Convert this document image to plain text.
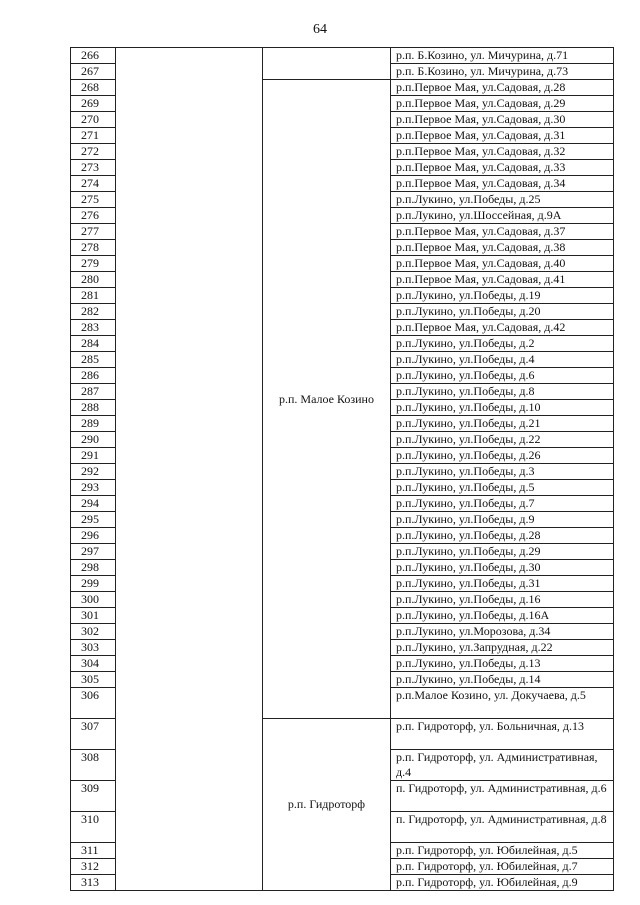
64
266			р.п. Б.Козино, ул. Мичурина, д.71
267			р.п. Б.Козино, ул. Мичурина, д.73
268		р.п. Малое Козино	р.п.Первое Мая, ул.Садовая, д.28
269			р.п.Первое Мая, ул.Садовая, д.29
270			р.п.Первое Мая, ул.Садовая, д.30
271			р.п.Первое Мая, ул.Садовая, д.31
272			р.п.Первое Мая, ул.Садовая, д.32
273			р.п.Первое Мая, ул.Садовая, д.33
274			р.п.Первое Мая, ул.Садовая, д.34
275			р.п.Лукино, ул.Победы, д.25
276			р.п.Лукино, ул.Шоссейная, д.9А
277			р.п.Первое Мая, ул.Садовая, д.37
278			р.п.Первое Мая, ул.Садовая, д.38
279			р.п.Первое Мая, ул.Садовая, д.40
280			р.п.Первое Мая, ул.Садовая, д.41
281			р.п.Лукино, ул.Победы, д.19
282			р.п.Лукино, ул.Победы, д.20
283			р.п.Первое Мая, ул.Садовая, д.42
284			р.п.Лукино, ул.Победы, д.2
285			р.п.Лукино, ул.Победы, д.4
286			р.п.Лукино, ул.Победы, д.6
287			р.п.Лукино, ул.Победы, д.8
288			р.п.Лукино, ул.Победы, д.10
289			р.п.Лукино, ул.Победы, д.21
290			р.п.Лукино, ул.Победы, д.22
291			р.п.Лукино, ул.Победы, д.26
292			р.п.Лукино, ул.Победы, д.3
293			р.п.Лукино, ул.Победы, д.5
294			р.п.Лукино, ул.Победы, д.7
295			р.п.Лукино, ул.Победы, д.9
296			р.п.Лукино, ул.Победы, д.28
297			р.п.Лукино, ул.Победы, д.29
298			р.п.Лукино, ул.Победы, д.30
299			р.п.Лукино, ул.Победы, д.31
300			р.п.Лукино, ул.Победы, д.16
301			р.п.Лукино, ул.Победы, д.16А
302			р.п.Лукино, ул.Морозова, д.34
303			р.п.Лукино, ул.Запрудная, д.22
304			р.п.Лукино, ул.Победы, д.13
305			р.п.Лукино, ул.Победы, д.14
306			р.п.Малое Козино, ул. Докучаева, д.5
307		р.п. Гидроторф	р.п. Гидроторф, ул. Больничная, д.13
308			р.п. Гидроторф, ул. Административная, д.4
309			п. Гидроторф, ул. Административная, д.6
310			п. Гидроторф, ул. Административная, д.8
311			р.п. Гидроторф, ул. Юбилейная, д.5
312			р.п. Гидроторф, ул. Юбилейная, д.7
313			р.п. Гидроторф, ул. Юбилейная, д.9
